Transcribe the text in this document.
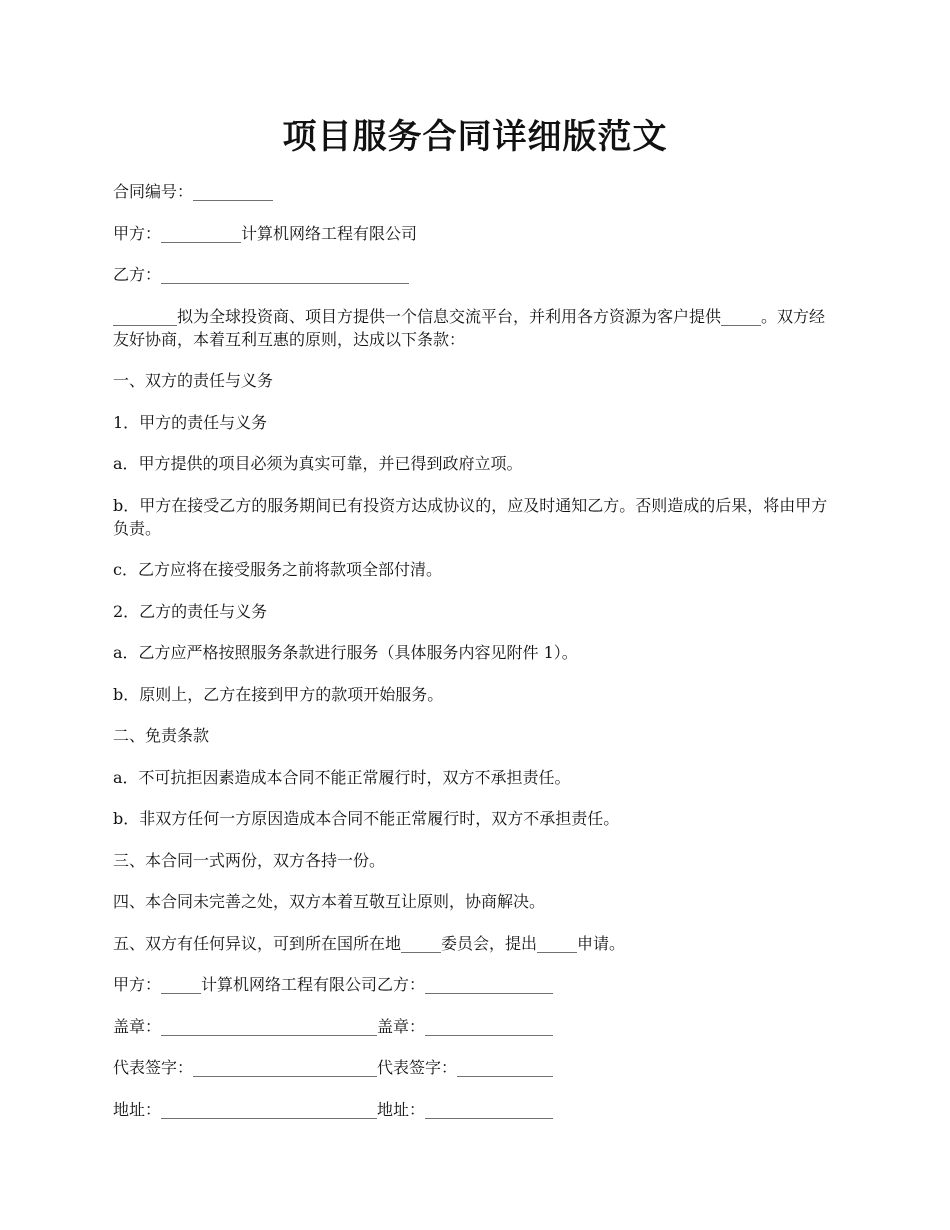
项目服务合同详细版范文

合同编号：__________

甲方：__________计算机网络工程有限公司

乙方：_______________________________

________拟为全球投资商、项目方提供一个信息交流平台，并利用各方资源为客户提供_____。双方经友好协商，本着互利互惠的原则，达成以下条款：

一、双方的责任与义务

1．甲方的责任与义务

a．甲方提供的项目必须为真实可靠，并已得到政府立项。

b．甲方在接受乙方的服务期间已有投资方达成协议的，应及时通知乙方。否则造成的后果，将由甲方负责。

c．乙方应将在接受服务之前将款项全部付清。

2．乙方的责任与义务

a．乙方应严格按照服务条款进行服务（具体服务内容见附件 1）。

b．原则上，乙方在接到甲方的款项开始服务。

二、免责条款

a．不可抗拒因素造成本合同不能正常履行时，双方不承担责任。

b．非双方任何一方原因造成本合同不能正常履行时，双方不承担责任。

三、本合同一式两份，双方各持一份。

四、本合同未完善之处，双方本着互敬互让原则，协商解决。

五、双方有任何异议，可到所在国所在地_____委员会，提出_____申请。

甲方：_____计算机网络工程有限公司乙方：________________

盖章：___________________________盖章：________________

代表签字：_______________________代表签字：____________

地址：___________________________地址：________________
